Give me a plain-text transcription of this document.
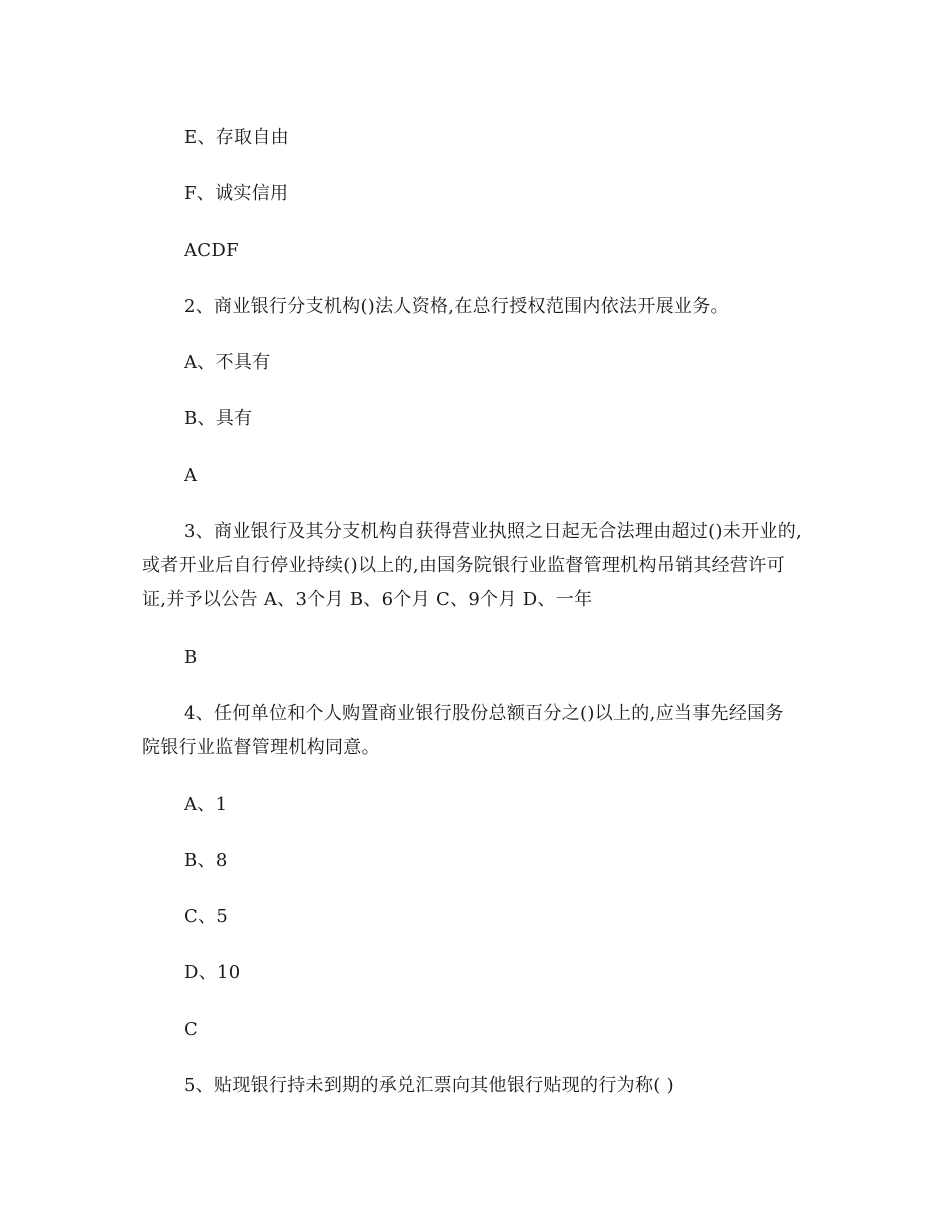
E、存取自由
F、诚实信用
ACDF
2、商业银行分支机构()法人资格,在总行授权范围内依法开展业务。
A、不具有
B、具有
A
3、商业银行及其分支机构自获得营业执照之日起无合法理由超过()未开业的,
或者开业后自行停业持续()以上的,由国务院银行业监督管理机构吊销其经营许可
证,并予以公告 A、3个月 B、6个月 C、9个月 D、一年
B
4、任何单位和个人购置商业银行股份总额百分之()以上的,应当事先经国务
院银行业监督管理机构同意。
A、1
B、8
C、5
D、10
C
5、贴现银行持未到期的承兑汇票向其他银行贴现的行为称( )
